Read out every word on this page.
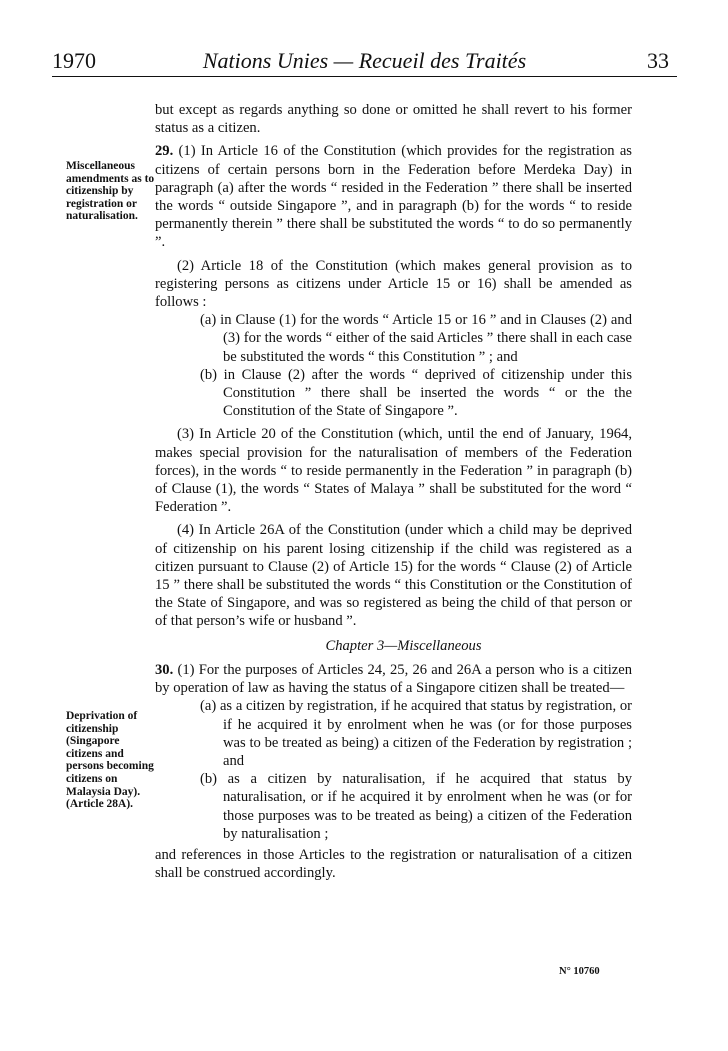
1970	Nations Unies — Recueil des Traités	33
Miscellaneous amendments as to citizenship by registration or naturalisation.
Deprivation of citizenship (Singapore citizens and persons becoming citizens on Malaysia Day). (Article 28A).

but except as regards anything so done or omitted he shall revert to his former status as a citizen.

29. (1) In Article 16 of the Constitution (which provides for the registration as citizens of certain persons born in the Federation before Merdeka Day) in paragraph (a) after the words “ resided in the Federation ” there shall be inserted the words “ outside Singapore ”, and in paragraph (b) for the words “ to reside permanently therein ” there shall be substituted the words “ to do so permanently ”.

(2) Article 18 of the Constitution (which makes general provision as to registering persons as citizens under Article 15 or 16) shall be amended as follows :

(a) in Clause (1) for the words “ Article 15 or 16 ” and in Clauses (2) and (3) for the words “ either of the said Articles ” there shall in each case be substituted the words “ this Constitution ” ; and

(b) in Clause (2) after the words “ deprived of citizenship under this Constitution ” there shall be inserted the words “ or the the Constitution of the State of Singapore ”.

(3) In Article 20 of the Constitution (which, until the end of January, 1964, makes special provision for the naturalisation of members of the Federation forces), in the words “ to reside permanently in the Federation ” in paragraph (b) of Clause (1), the words “ States of Malaya ” shall be substituted for the word “ Federation ”.

(4) In Article 26A of the Constitution (under which a child may be deprived of citizenship on his parent losing citizenship if the child was registered as a citizen pursuant to Clause (2) of Article 15) for the words “ Clause (2) of Article 15 ” there shall be substituted the words “ this Constitution or the Constitution of the State of Singapore, and was so registered as being the child of that person or of that person’s wife or husband ”.

Chapter 3—Miscellaneous

30. (1) For the purposes of Articles 24, 25, 26 and 26A a person who is a citizen by operation of law as having the status of a Singapore citizen shall be treated—

(a) as a citizen by registration, if he acquired that status by registration, or if he acquired it by enrolment when he was (or for those purposes was to be treated as being) a citizen of the Federation by registration ; and

(b) as a citizen by naturalisation, if he acquired that status by naturalisation, or if he acquired it by enrolment when he was (or for those purposes was to be treated as being) a citizen of the Federation by naturalisation ;

and references in those Articles to the registration or naturalisation of a citizen shall be construed accordingly.

N° 10760
